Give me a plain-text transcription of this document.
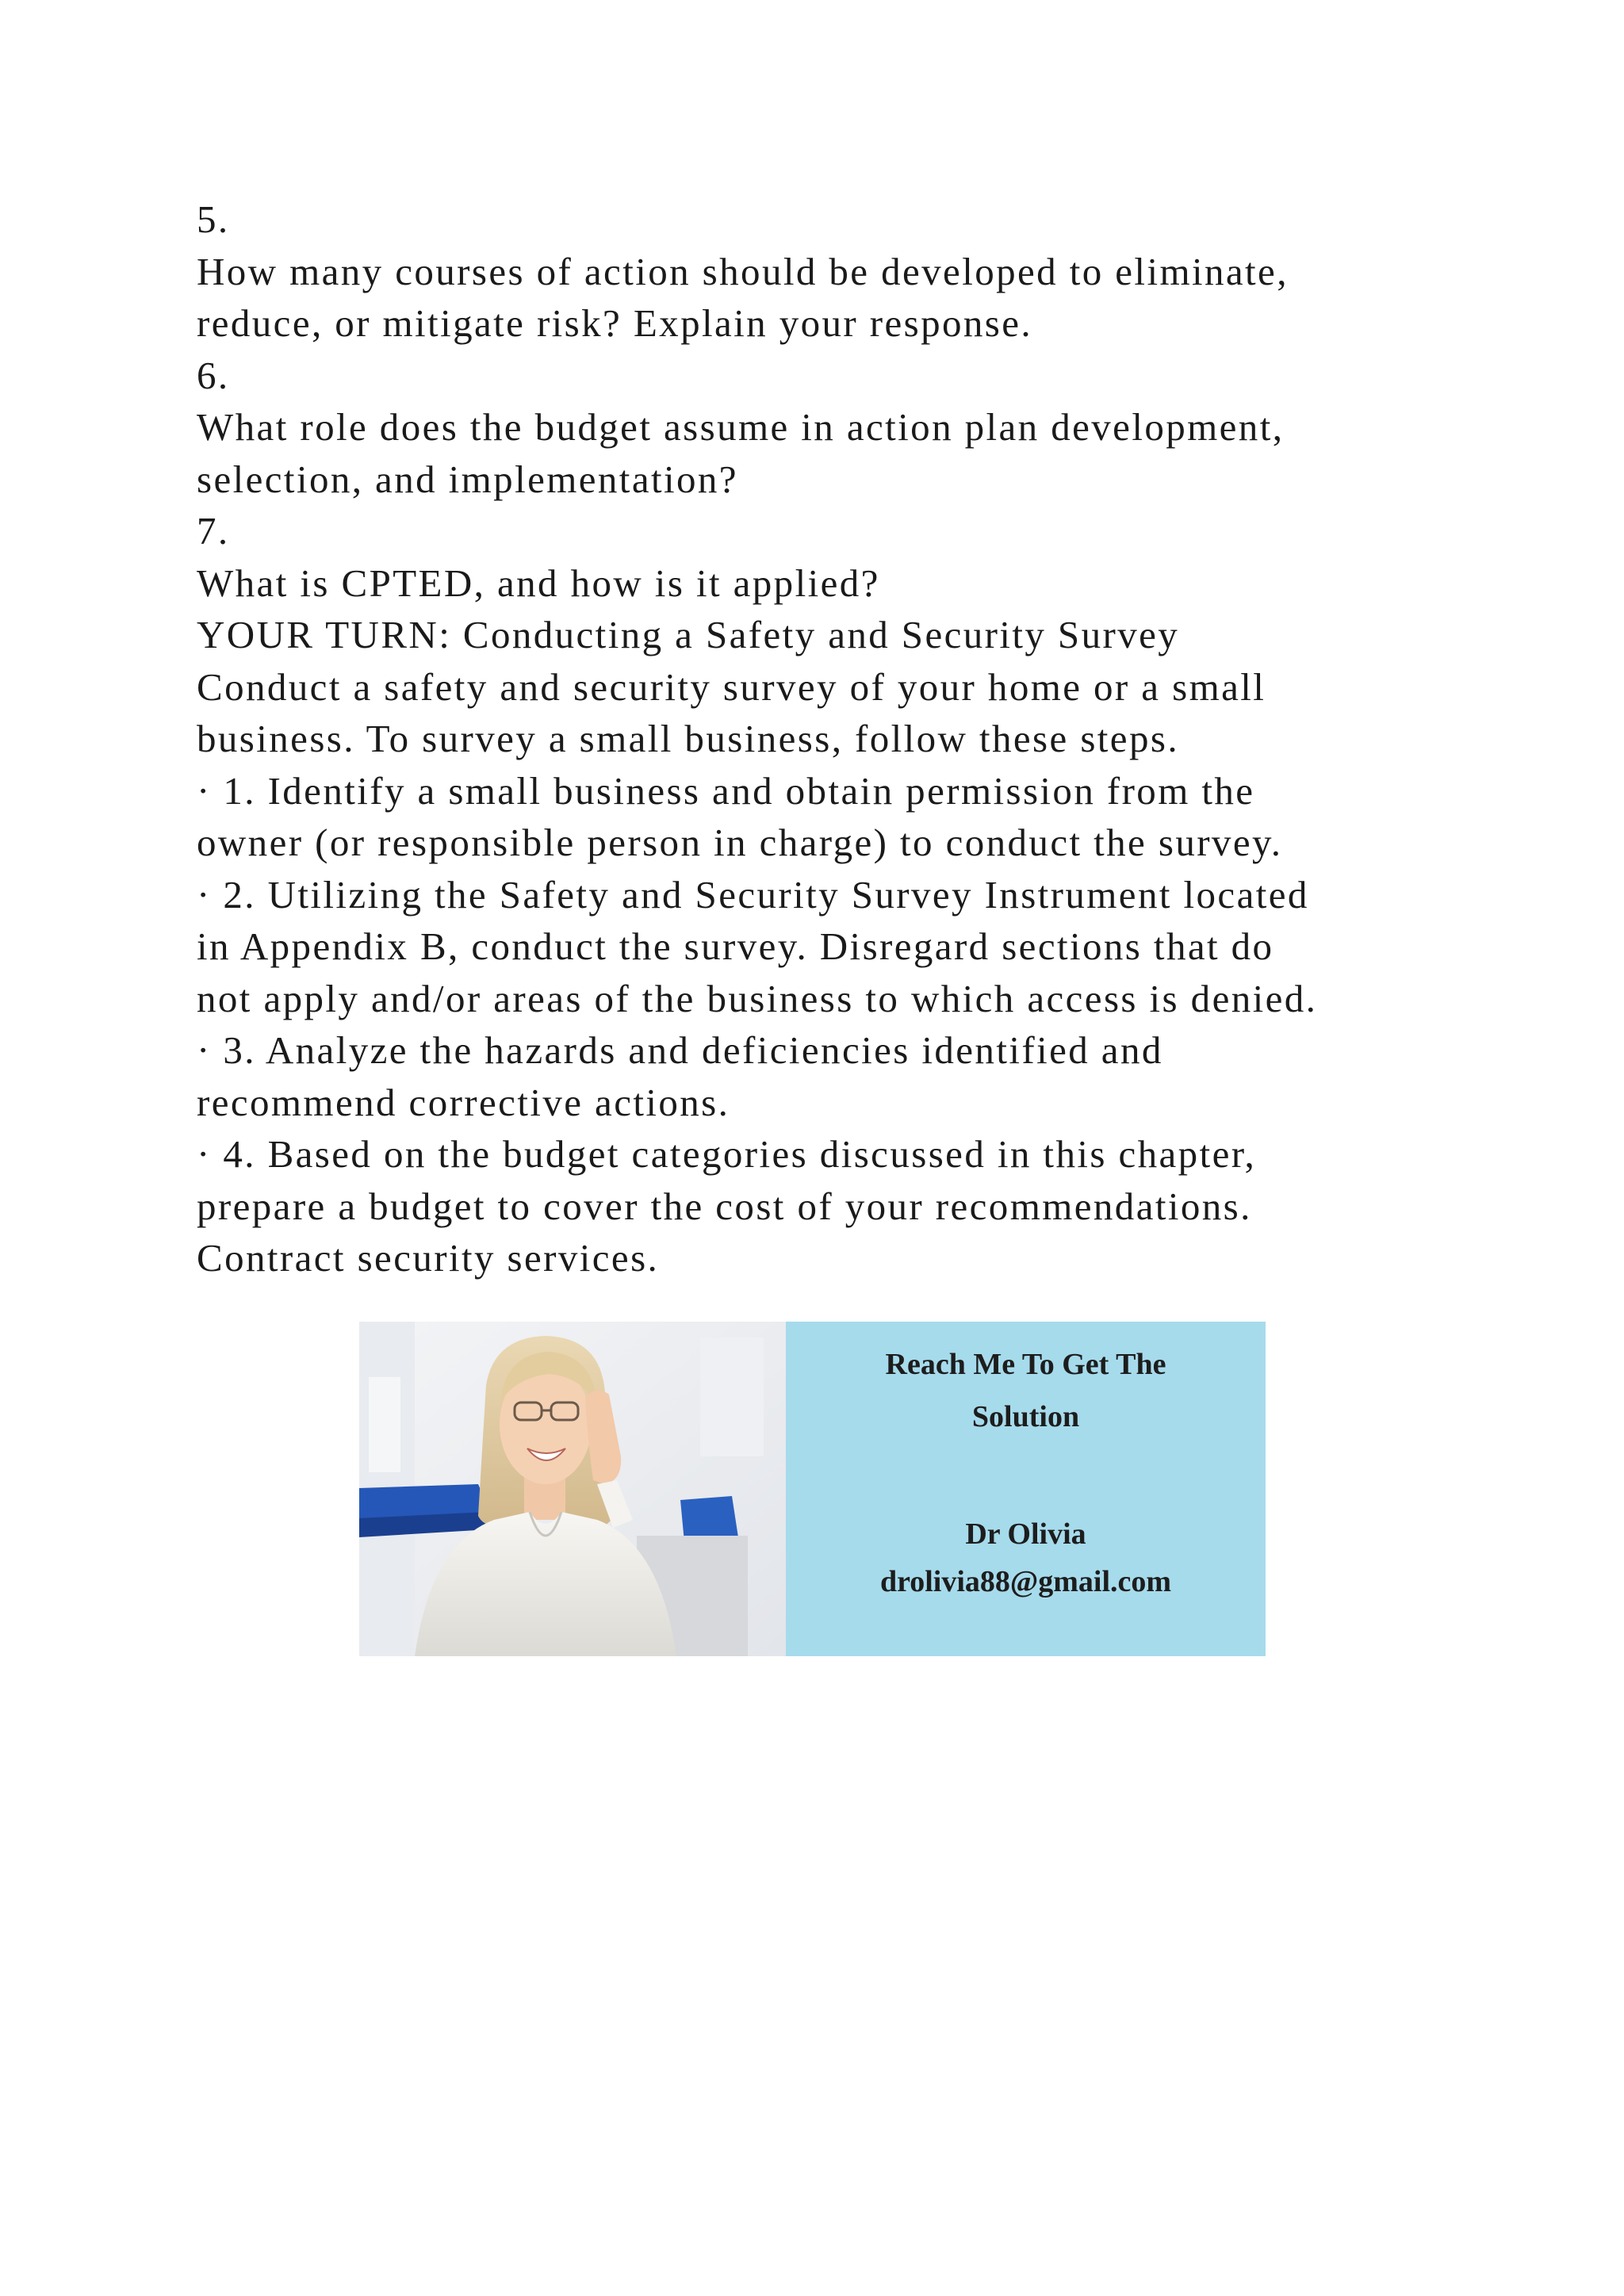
5.
How many courses of action should be developed to eliminate,
reduce, or mitigate risk? Explain your response.
6.
What role does the budget assume in action plan development,
selection, and implementation?
7.
What is CPTED, and how is it applied?
YOUR TURN: Conducting a Safety and Security Survey
Conduct a safety and security survey of your home or a small
business. To survey a small business, follow these steps.
· 1. Identify a small business and obtain permission from the
owner (or responsible person in charge) to conduct the survey.
· 2. Utilizing the Safety and Security Survey Instrument located
in Appendix B, conduct the survey. Disregard sections that do
not apply and/or areas of the business to which access is denied.
· 3. Analyze the hazards and deficiencies identified and
recommend corrective actions.
· 4. Based on the budget categories discussed in this chapter,
prepare a budget to cover the cost of your recommendations.
Contract security services.
Reach Me To Get The
Solution
Dr Olivia
drolivia88@gmail.com
